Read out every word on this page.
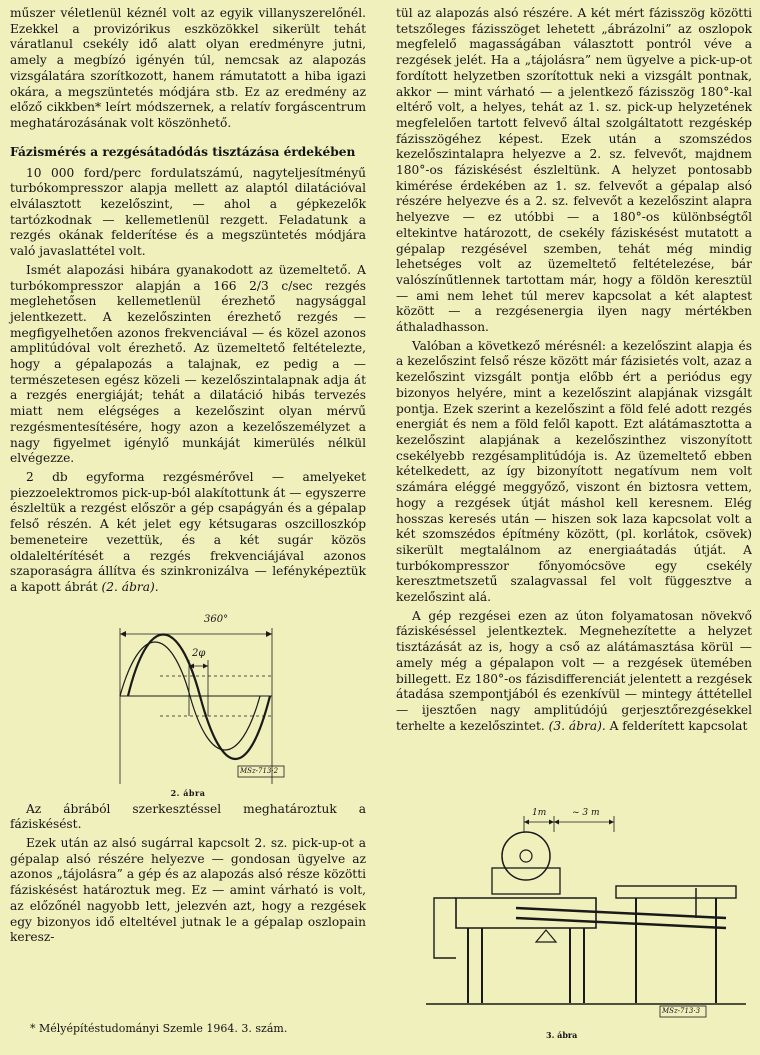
műszer véletlenül kéznél volt az egyik villanyszerelőnél. Ezekkel a provizórikus eszközökkel sikerült tehát váratlanul csekély idő alatt olyan eredményre jutni, amely a megbízó igényén túl, nemcsak az alapozás vizsgálatára szorítkozott, hanem rámutatott a hiba igazi okára, a megszüntetés módjára stb. Ez az eredmény az előző cikkben* leírt módszernek, a relatív forgáscentrum meghatározásának volt köszönhető.

Fázismérés a rezgésátadódás tisztázása érdekében

10 000 ford/perc fordulatszámú, nagyteljesítményű turbókompresszor alapja mellett az alaptól dilatációval elválasztott kezelőszint, — ahol a gépkezelők tartózkodnak — kellemetlenül rezgett. Feladatunk a rezgés okának felderítése és a megszüntetés módjára való javaslattétel volt.

Ismét alapozási hibára gyanakodott az üzemeltető. A turbókompresszor alapján a 166 2/3 c/sec rezgés meglehetősen kellemetlenül érezhető nagysággal jelentkezett. A kezelőszinten érezhető rezgés — megfigyelhetően azonos frekvenciával — és közel azonos amplitúdóval volt érezhető. Az üzemeltető feltételezte, hogy a gépalapozás a talajnak, ez pedig a — természetesen egész közeli — kezelőszintalapnak adja át a rezgés energiáját; tehát a dilatáció hibás tervezés miatt nem elégséges a kezelőszint olyan mérvű rezgésmentesítésére, hogy azon a kezelőszemélyzet a nagy figyelmet igénylő munkáját kimerülés nélkül elvégezze.

2 db egyforma rezgésmérővel — amelyeket piezzoelektromos pick-up-ból alakítottunk át — egyszerre észleltük a rezgést először a gép csapágyán és a gépalap felső részén. A két jelet egy kétsugaras oszcilloszkóp bemeneteire vezettük, és a két sugár közös oldaleltérítését a rezgés frekvenciájával azonos szaporaságra állítva és szinkronizálva — lefényképeztük a kapott ábrát (2. ábra).

360°
2φ
MSz-713·2
2. ábra

Az ábrából szerkesztéssel meghatároztuk a fáziskésést.

Ezek után az alsó sugárral kapcsolt 2. sz. pick-up-ot a gépalap alsó részére helyezve — gondosan ügyelve az azonos „tájolásra” a gép és az alapozás alsó része közötti fáziskésést határoztuk meg. Ez — amint várható is volt, az előzőnél nagyobb lett, jelezvén azt, hogy a rezgések egy bizonyos idő elteltével jutnak le a gépalap oszlopain keresz-

* Mélyépítéstudományi Szemle 1964. 3. szám.

tül az alapozás alsó részére. A két mért fázisszög közötti tetszőleges fázisszöget lehetett „ábrázolni” az oszlopok megfelelő magasságában választott pontról véve a rezgések jelét. Ha a „tájolásra” nem ügyelve a pick-up-ot fordított helyzetben szorítottuk neki a vizsgált pontnak, akkor — mint várható — a jelentkező fázisszög 180°-kal eltérő volt, a helyes, tehát az 1. sz. pick-up helyzetének megfelelően tartott felvevő által szolgáltatott rezgéskép fázisszögéhez képest. Ezek után a szomszédos kezelőszintalapra helyezve a 2. sz. felvevőt, majdnem 180°-os fáziskésést észleltünk. A helyzet pontosabb kimérése érdekében az 1. sz. felvevőt a gépalap alsó részére helyezve és a 2. sz. felvevőt a kezelőszint alapra helyezve — ez utóbbi — a 180°-os különbségtől eltekintve határozott, de csekély fáziskésést mutatott a gépalap rezgésével szemben, tehát még mindig lehetséges volt az üzemeltető feltételezése, bár valószínűtlennek tartottam már, hogy a földön keresztül — ami nem lehet túl merev kapcsolat a két alaptest között — a rezgésenergia ilyen nagy mértékben áthaladhasson.

Valóban a következő mérésnél: a kezelőszint alapja és a kezelőszint felső része között már fázisietés volt, azaz a kezelőszint vizsgált pontja előbb ért a periódus egy bizonyos helyére, mint a kezelőszint alapjának vizsgált pontja. Ezek szerint a kezelőszint a föld felé adott rezgés energiát és nem a föld felől kapott. Ezt alátámasztotta a kezelőszint alapjának a kezelőszinthez viszonyított csekélyebb rezgésamplitúdója is. Az üzemeltető ebben kételkedett, az így bizonyított negatívum nem volt számára eléggé meggyőző, viszont én biztosra vettem, hogy a rezgések útját máshol kell keresnem. Elég hosszas keresés után — hiszen sok laza kapcsolat volt a két szomszédos építmény között, (pl. korlátok, csövek) sikerült megtalálnom az energiaátadás útját. A turbókompresszor főnyomócsöve egy csekély keresztmetszetű szalagvassal fel volt függesztve a kezelőszint alá.

A gép rezgései ezen az úton folyamatosan növekvő fáziskéséssel jelentkeztek. Megnehezítette a helyzet tisztázását az is, hogy a cső az alátámasztása körül — amely még a gépalapon volt — a rezgések ütemében billegett. Ez 180°-os fázisdifferenciát jelentett a rezgések átadása szempontjából és ezenkívül — mintegy áttétellel — ijesztően nagy amplitúdójú gerjesztőrezgésekkel terhelte a kezelőszintet. (3. ábra). A felderített kapcsolat

1m	~ 3 m
MSz-713·3
3. ábra
